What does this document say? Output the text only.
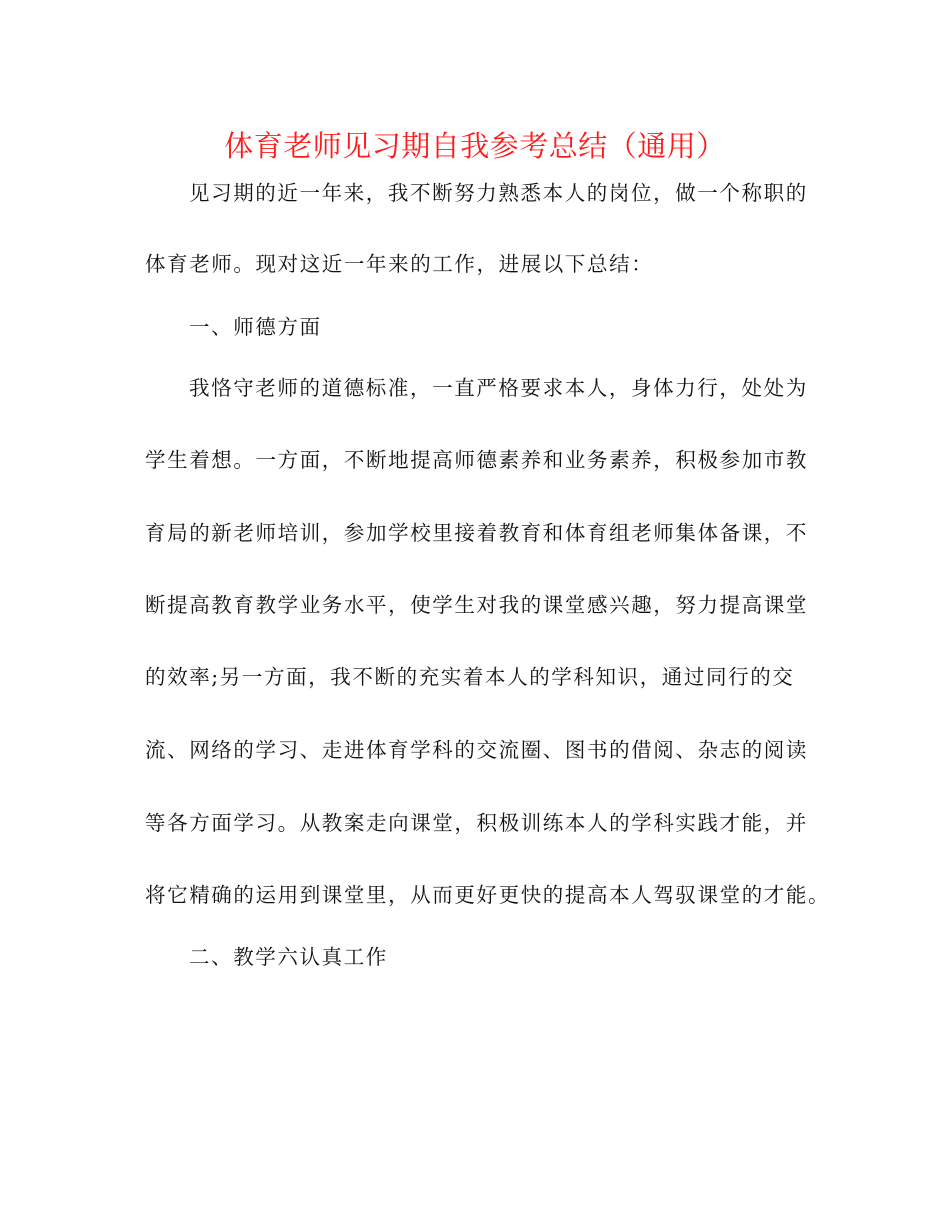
体育老师见习期自我参考总结（通用）
见习期的近一年来，我不断努力熟悉本人的岗位，做一个称职的
体育老师。现对这近一年来的工作，进展以下总结：
一、师德方面
我恪守老师的道德标准，一直严格要求本人，身体力行，处处为
学生着想。一方面，不断地提高师德素养和业务素养，积极参加市教
育局的新老师培训，参加学校里接着教育和体育组老师集体备课，不
断提高教育教学业务水平，使学生对我的课堂感兴趣，努力提高课堂
的效率;另一方面，我不断的充实着本人的学科知识，通过同行的交
流、网络的学习、走进体育学科的交流圈、图书的借阅、杂志的阅读
等各方面学习。从教案走向课堂，积极训练本人的学科实践才能，并
将它精确的运用到课堂里，从而更好更快的提高本人驾驭课堂的才能。
二、教学六认真工作
